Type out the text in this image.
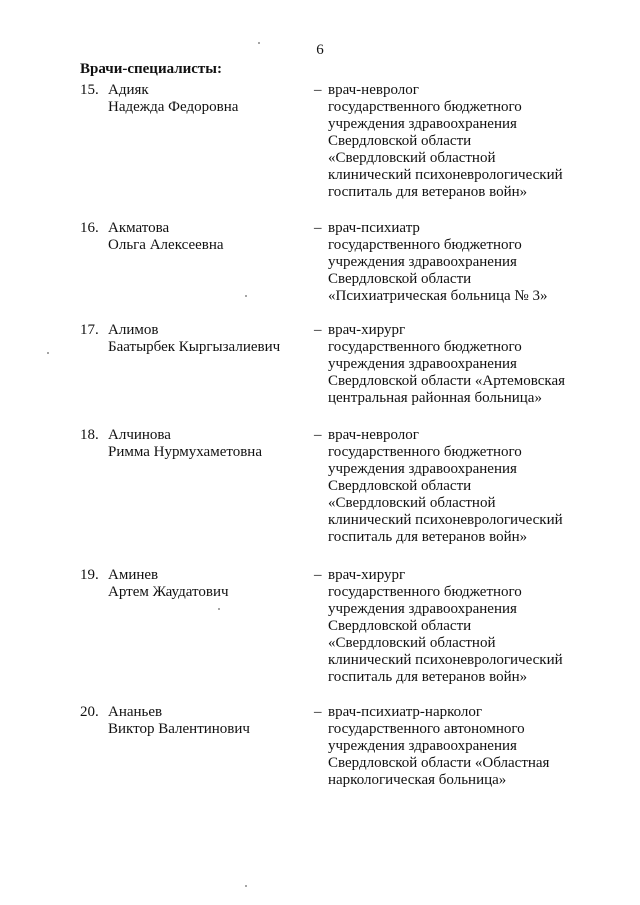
6
Врачи-специалисты:
15. Адияк
Надежда Федоровна
– врач-невролог
государственного бюджетного
учреждения здравоохранения
Свердловской области
«Свердловский областной
клинический психоневрологический
госпиталь для ветеранов войн»
16. Акматова
Ольга Алексеевна
– врач-психиатр
государственного бюджетного
учреждения здравоохранения
Свердловской области
«Психиатрическая больница № 3»
17. Алимов
Баатырбек Кыргызалиевич
– врач-хирург
государственного бюджетного
учреждения здравоохранения
Свердловской области «Артемовская
центральная районная больница»
18. Алчинова
Римма Нурмухаметовна
– врач-невролог
государственного бюджетного
учреждения здравоохранения
Свердловской области
«Свердловский областной
клинический психоневрологический
госпиталь для ветеранов войн»
19. Аминев
Артем Жаудатович
– врач-хирург
государственного бюджетного
учреждения здравоохранения
Свердловской области
«Свердловский областной
клинический психоневрологический
госпиталь для ветеранов войн»
20. Ананьев
Виктор Валентинович
– врач-психиатр-нарколог
государственного автономного
учреждения здравоохранения
Свердловской области «Областная
наркологическая больница»
